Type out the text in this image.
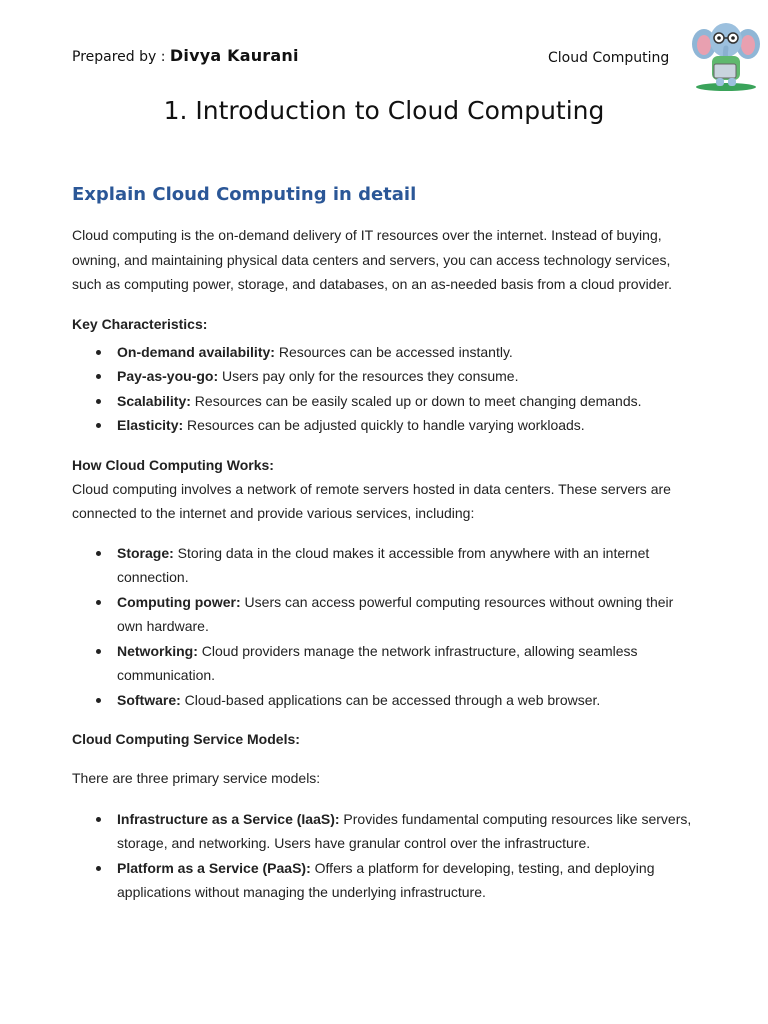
Prepared by : Divya Kaurani	Cloud Computing
1. Introduction to Cloud Computing
Explain Cloud Computing in detail

Cloud computing is the on-demand delivery of IT resources over the internet. Instead of buying, owning, and maintaining physical data centers and servers, you can access technology services, such as computing power, storage, and databases, on an as-needed basis from a cloud provider.

Key Characteristics:

On-demand availability: Resources can be accessed instantly.
Pay-as-you-go: Users pay only for the resources they consume.
Scalability: Resources can be easily scaled up or down to meet changing demands.
Elasticity: Resources can be adjusted quickly to handle varying workloads.

How Cloud Computing Works:

Cloud computing involves a network of remote servers hosted in data centers. These servers are connected to the internet and provide various services, including:

Storage: Storing data in the cloud makes it accessible from anywhere with an internet connection.
Computing power: Users can access powerful computing resources without owning their own hardware.
Networking: Cloud providers manage the network infrastructure, allowing seamless communication.
Software: Cloud-based applications can be accessed through a web browser.

Cloud Computing Service Models:

There are three primary service models:

Infrastructure as a Service (IaaS): Provides fundamental computing resources like servers, storage, and networking. Users have granular control over the infrastructure.
Platform as a Service (PaaS): Offers a platform for developing, testing, and deploying applications without managing the underlying infrastructure.
